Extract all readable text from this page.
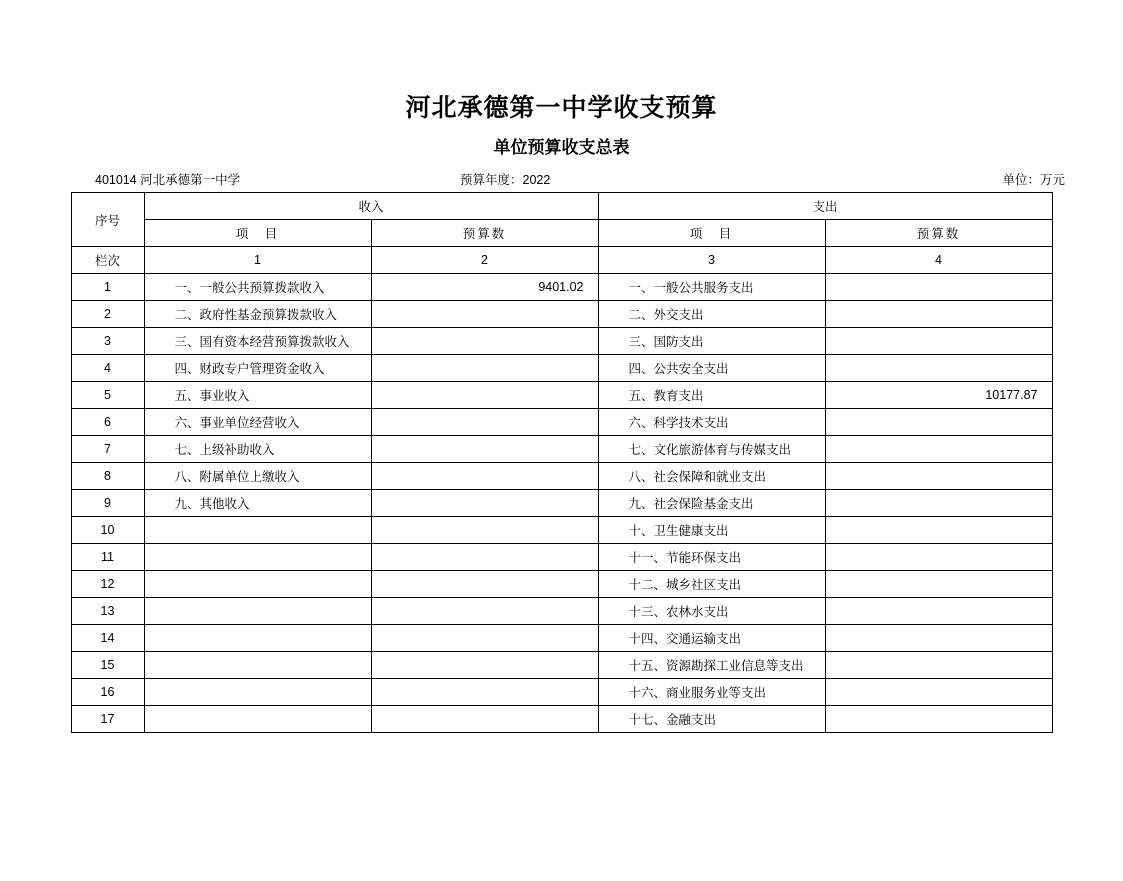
河北承德第一中学收支预算
单位预算收支总表
401014 河北承德第一中学	预算年度：2022	单位：万元
序号	收入		支出	
	项　目	预算数	项　目	预算数
栏次	1	2	3	4
1	一、一般公共预算拨款收入	9401.02	一、一般公共服务支出	
2	二、政府性基金预算拨款收入		二、外交支出	
3	三、国有资本经营预算拨款收入		三、国防支出	
4	四、财政专户管理资金收入		四、公共安全支出	
5	五、事业收入		五、教育支出	10177.87
6	六、事业单位经营收入		六、科学技术支出	
7	七、上级补助收入		七、文化旅游体育与传媒支出	
8	八、附属单位上缴收入		八、社会保障和就业支出	
9	九、其他收入		九、社会保险基金支出	
10			十、卫生健康支出	
11			十一、节能环保支出	
12			十二、城乡社区支出	
13			十三、农林水支出	
14			十四、交通运输支出	
15			十五、资源勘探工业信息等支出	
16			十六、商业服务业等支出	
17			十七、金融支出	
